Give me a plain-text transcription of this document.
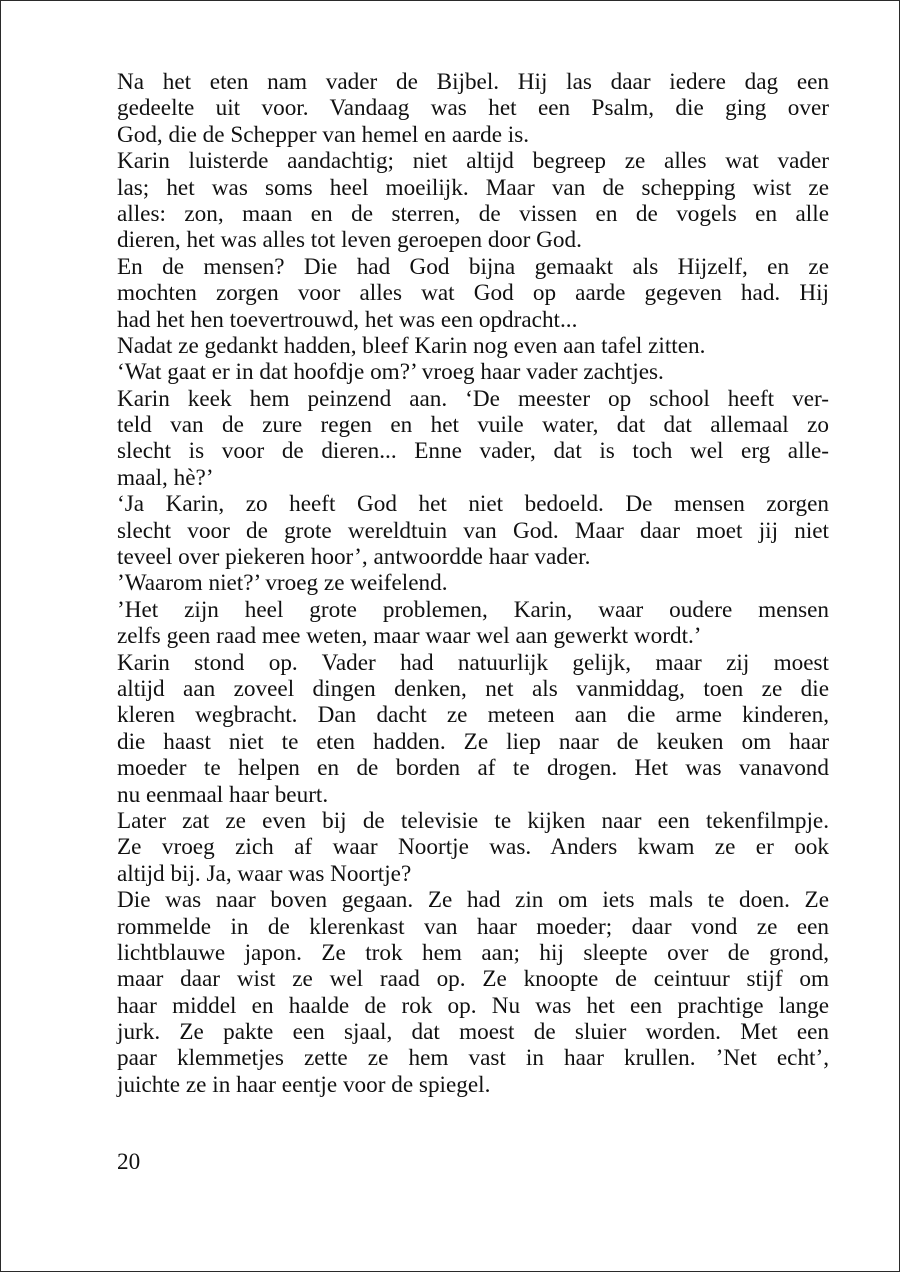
Na het eten nam vader de Bijbel. Hij las daar iedere dag een
gedeelte uit voor. Vandaag was het een Psalm, die ging over
God, die de Schepper van hemel en aarde is.
Karin luisterde aandachtig; niet altijd begreep ze alles wat vader
las; het was soms heel moeilijk. Maar van de schepping wist ze
alles: zon, maan en de sterren, de vissen en de vogels en alle
dieren, het was alles tot leven geroepen door God.
En de mensen? Die had God bijna gemaakt als Hijzelf, en ze
mochten zorgen voor alles wat God op aarde gegeven had. Hij
had het hen toevertrouwd, het was een opdracht...
Nadat ze gedankt hadden, bleef Karin nog even aan tafel zitten.
‘Wat gaat er in dat hoofdje om?’ vroeg haar vader zachtjes.
Karin keek hem peinzend aan. ‘De meester op school heeft ver-
teld van de zure regen en het vuile water, dat dat allemaal zo
slecht is voor de dieren... Enne vader, dat is toch wel erg alle-
maal, hè?’
‘Ja Karin, zo heeft God het niet bedoeld. De mensen zorgen
slecht voor de grote wereldtuin van God. Maar daar moet jij niet
teveel over piekeren hoor’, antwoordde haar vader.
’Waarom niet?’ vroeg ze weifelend.
’Het zijn heel grote problemen, Karin, waar oudere mensen
zelfs geen raad mee weten, maar waar wel aan gewerkt wordt.’
Karin stond op. Vader had natuurlijk gelijk, maar zij moest
altijd aan zoveel dingen denken, net als vanmiddag, toen ze die
kleren wegbracht. Dan dacht ze meteen aan die arme kinderen,
die haast niet te eten hadden. Ze liep naar de keuken om haar
moeder te helpen en de borden af te drogen. Het was vanavond
nu eenmaal haar beurt.
Later zat ze even bij de televisie te kijken naar een tekenfilmpje.
Ze vroeg zich af waar Noortje was. Anders kwam ze er ook
altijd bij. Ja, waar was Noortje?
Die was naar boven gegaan. Ze had zin om iets mals te doen. Ze
rommelde in de klerenkast van haar moeder; daar vond ze een
lichtblauwe japon. Ze trok hem aan; hij sleepte over de grond,
maar daar wist ze wel raad op. Ze knoopte de ceintuur stijf om
haar middel en haalde de rok op. Nu was het een prachtige lange
jurk. Ze pakte een sjaal, dat moest de sluier worden. Met een
paar klemmetjes zette ze hem vast in haar krullen. ’Net echt’,
juichte ze in haar eentje voor de spiegel.
20
